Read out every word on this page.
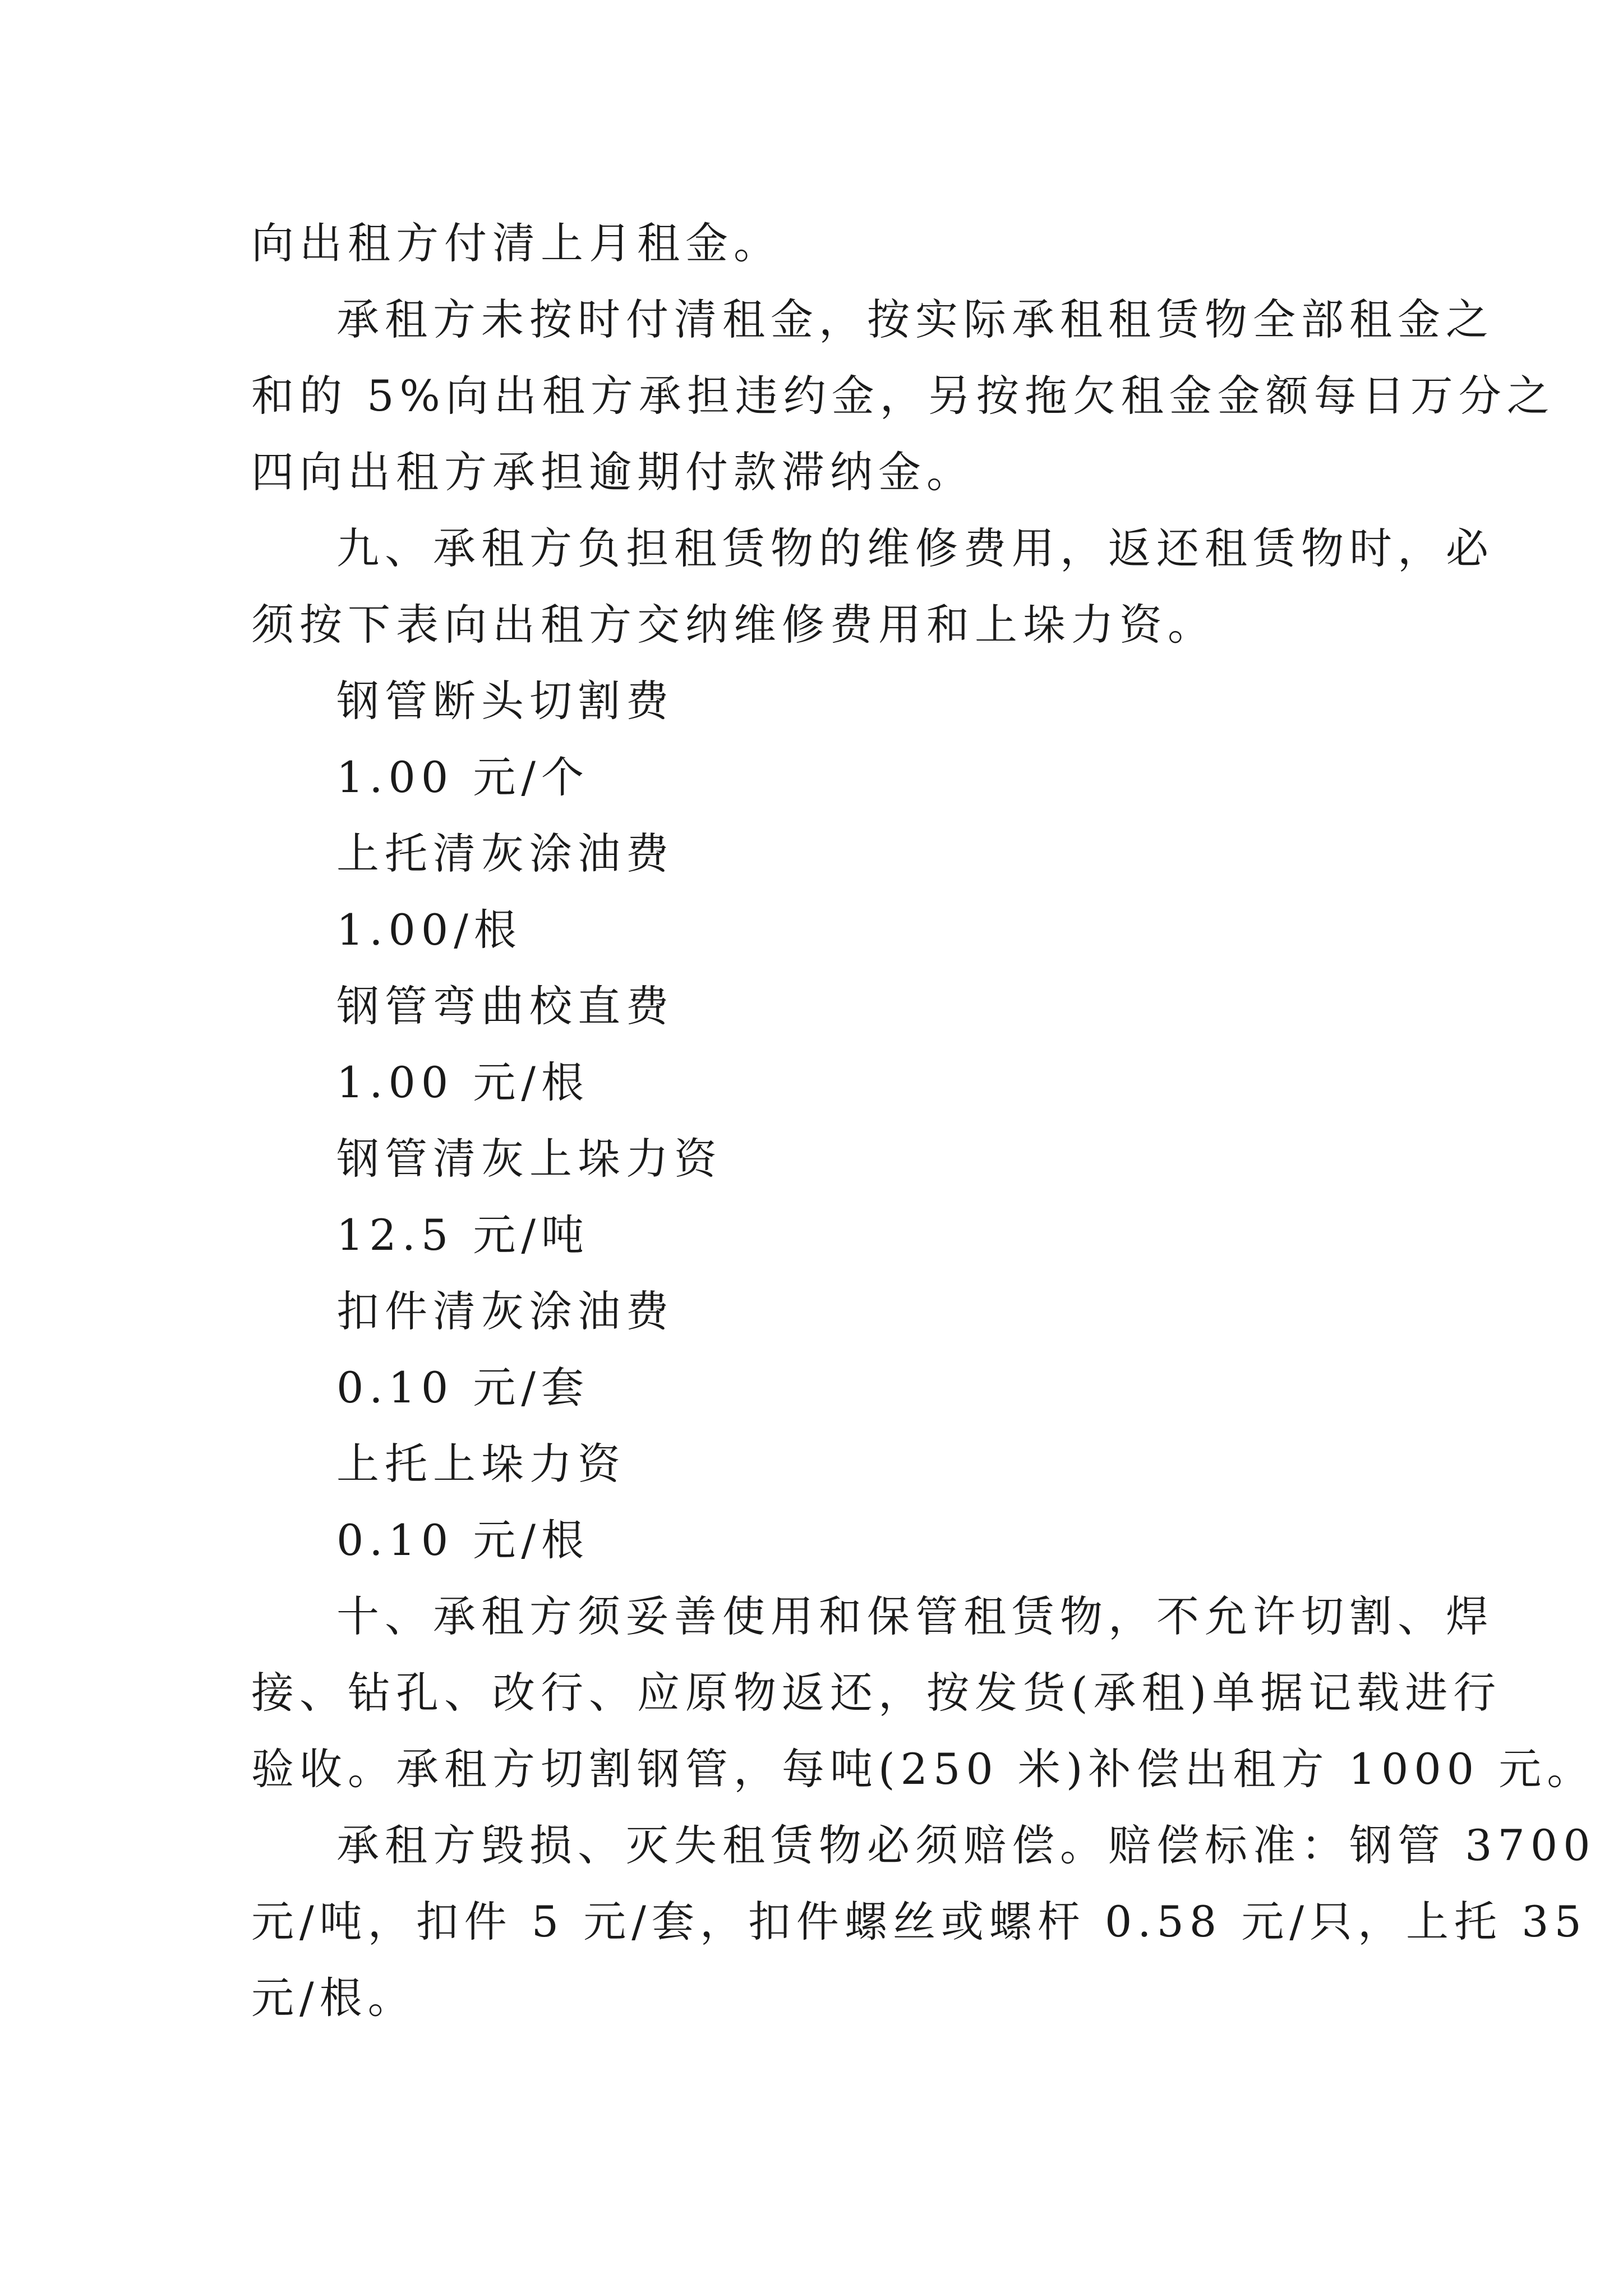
向出租方付清上月租金。
承租方未按时付清租金，按实际承租租赁物全部租金之
和的 5%向出租方承担违约金，另按拖欠租金金额每日万分之
四向出租方承担逾期付款滞纳金。
九、承租方负担租赁物的维修费用，返还租赁物时，必
须按下表向出租方交纳维修费用和上垛力资。
钢管断头切割费
1.00 元/个
上托清灰涂油费
1.00/根
钢管弯曲校直费
1.00 元/根
钢管清灰上垛力资
12.5 元/吨
扣件清灰涂油费
0.10 元/套
上托上垛力资
0.10 元/根
十、承租方须妥善使用和保管租赁物，不允许切割、焊
接、钻孔、改行、应原物返还，按发货(承租)单据记载进行
验收。承租方切割钢管，每吨(250 米)补偿出租方 1000 元。
承租方毁损、灭失租赁物必须赔偿。赔偿标准：钢管 3700
元/吨，扣件 5 元/套，扣件螺丝或螺杆 0.58 元/只，上托 35
元/根。
